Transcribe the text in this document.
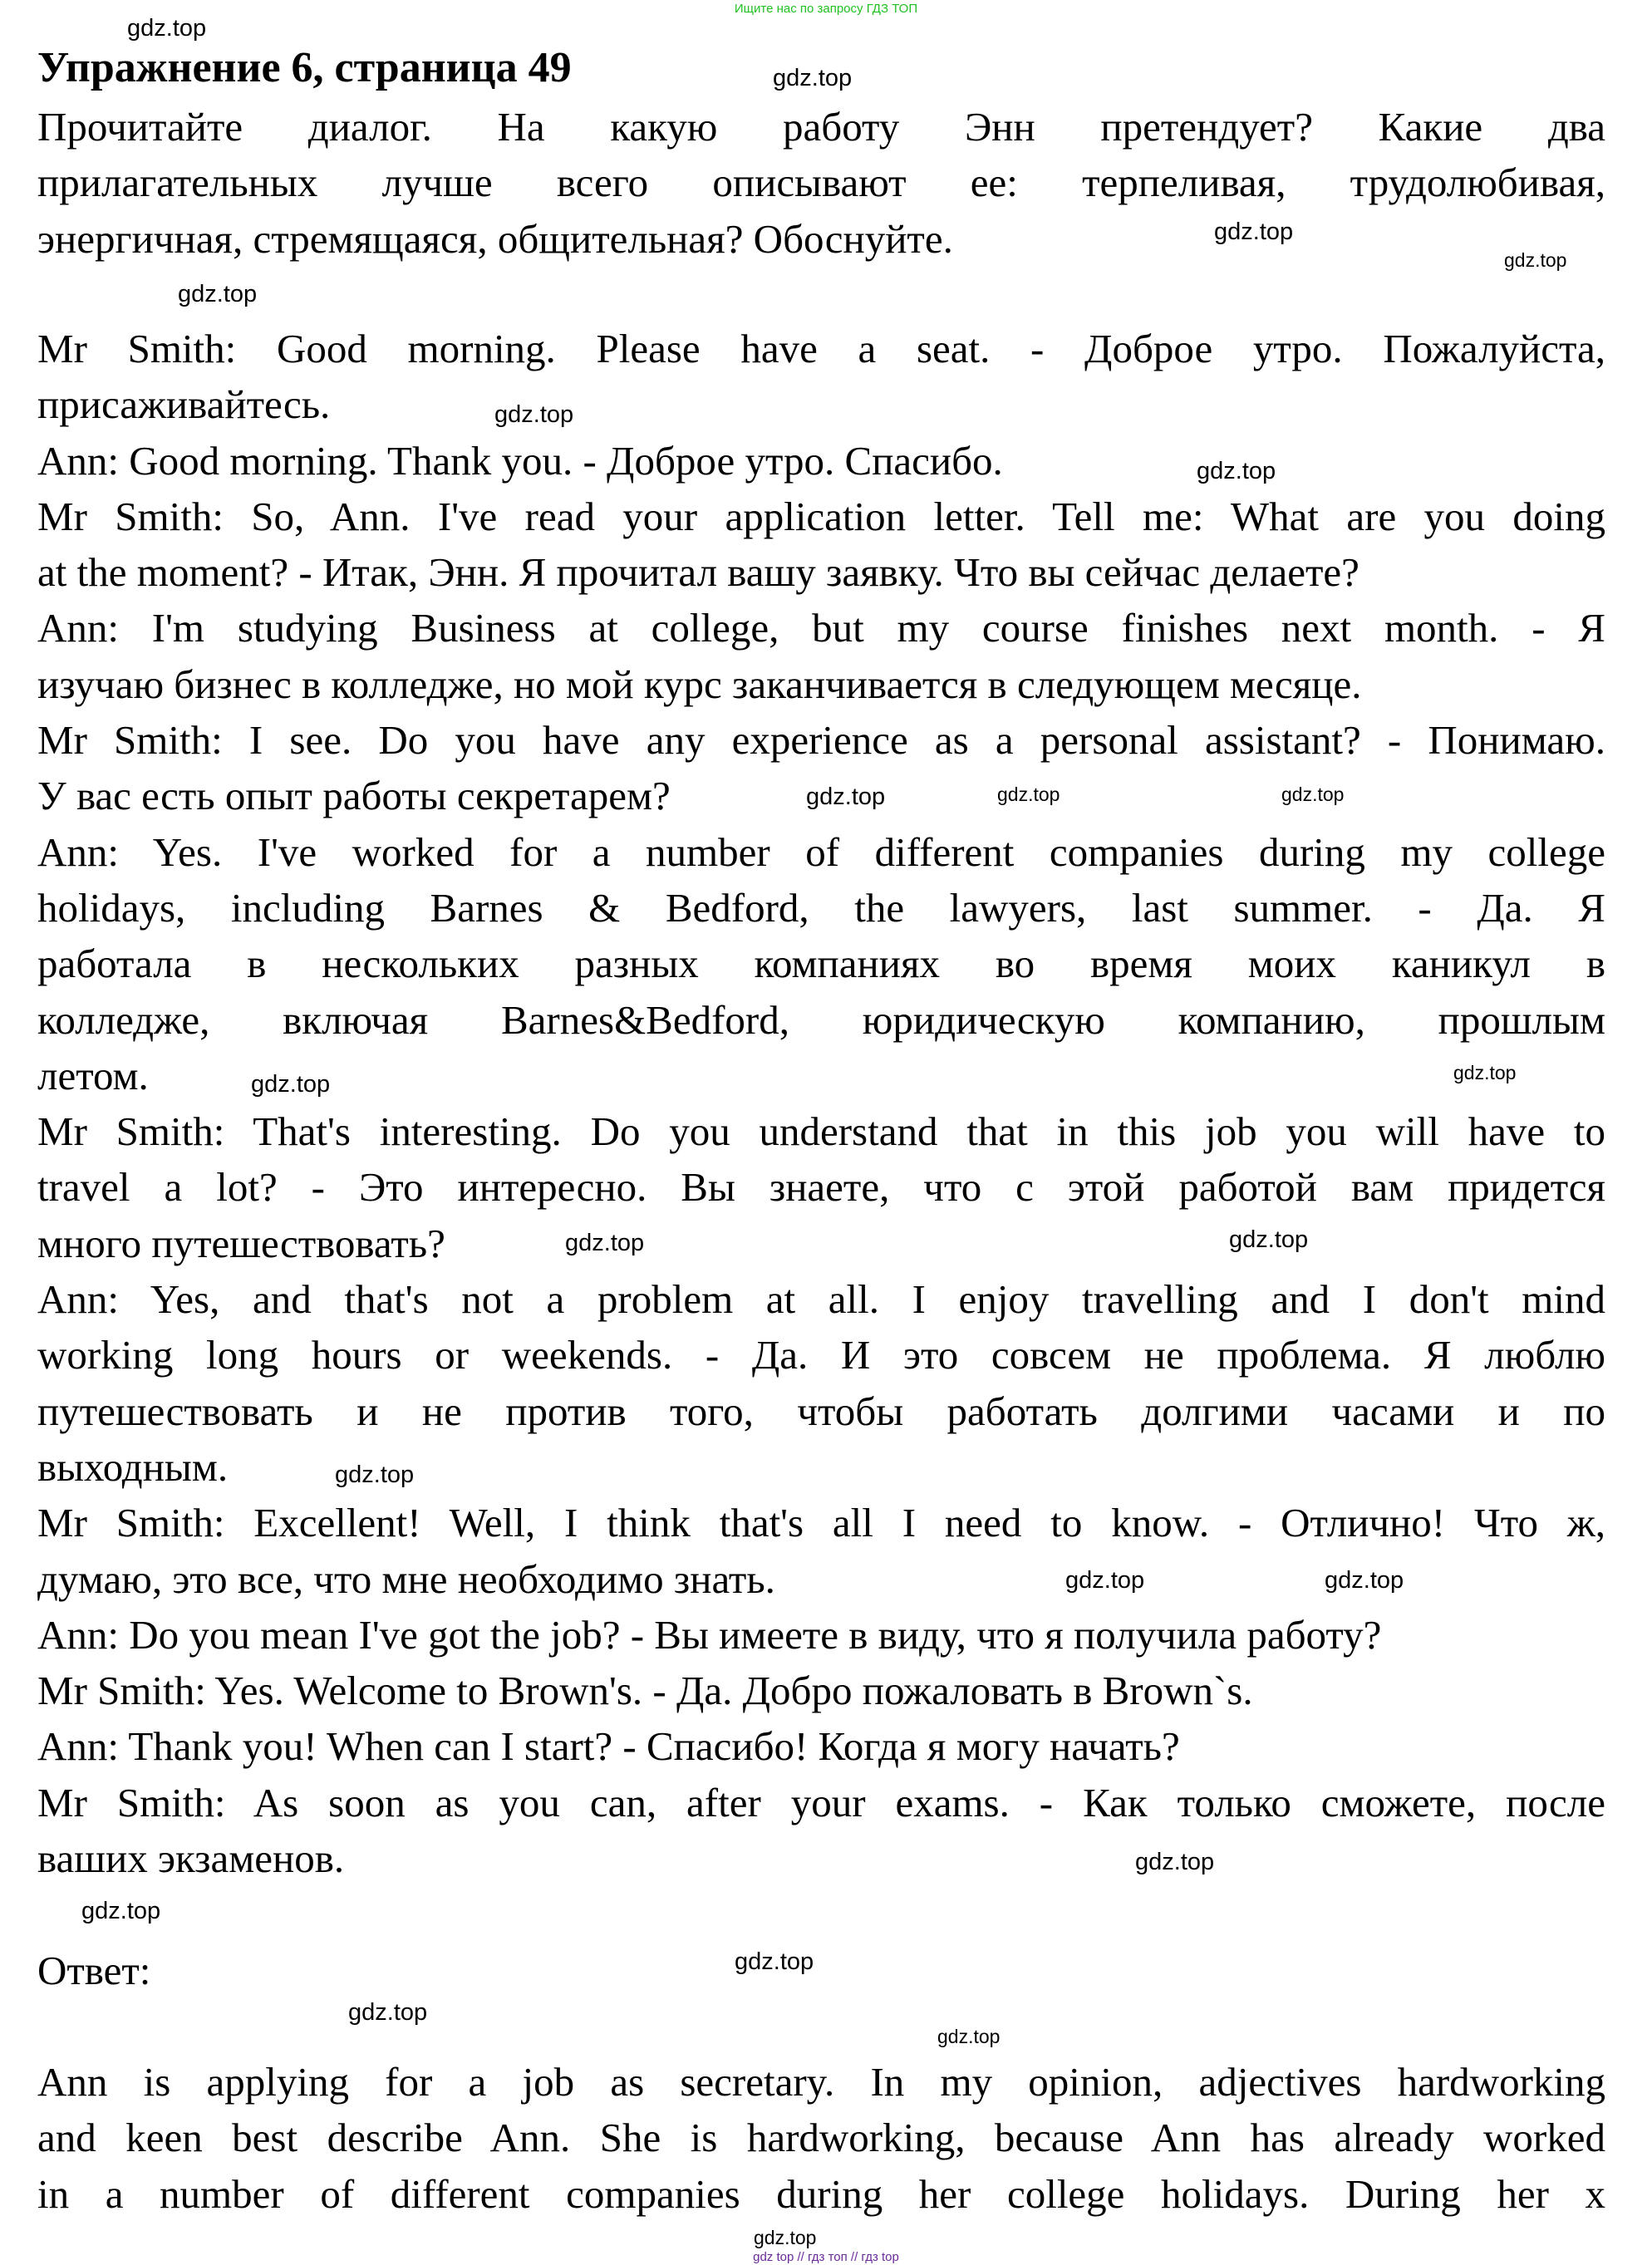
Ищите нас по запросу ГДЗ ТОП
Упражнение 6, страница 49
Прочитайте диалог. На какую работу Энн претендует? Какие два
прилагательных лучше всего описывают ее: терпеливая, трудолюбивая,
энергичная, стремящаяся, общительная? Обоснуйте.
Mr Smith: Good morning. Please have a seat. - Доброе утро. Пожалуйста,
присаживайтесь.
Ann: Good morning. Thank you. - Доброе утро. Спасибо.
Mr Smith: So, Ann. I've read your application letter. Tell me: What are you doing
at the moment? - Итак, Энн. Я прочитал вашу заявку. Что вы сейчас делаете?
Ann: I'm studying Business at college, but my course finishes next month. - Я
изучаю бизнес в колледже, но мой курс заканчивается в следующем месяце.
Mr Smith: I see. Do you have any experience as a personal assistant? - Понимаю.
У вас есть опыт работы секретарем?
Ann: Yes. I've worked for a number of different companies during my college
holidays, including Barnes & Bedford, the lawyers, last summer. - Да. Я
работала в нескольких разных компаниях во время моих каникул в
колледже, включая Barnes&Bedford, юридическую компанию, прошлым
летом.
Mr Smith: That's interesting. Do you understand that in this job you will have to
travel a lot? - Это интересно. Вы знаете, что с этой работой вам придется
много путешествовать?
Ann: Yes, and that's not a problem at all. I enjoy travelling and I don't mind
working long hours or weekends. - Да. И это совсем не проблема. Я люблю
путешествовать и не против того, чтобы работать долгими часами и по
выходным.
Mr Smith: Excellent! Well, I think that's all I need to know. - Отлично! Что ж,
думаю, это все, что мне необходимо знать.
Ann: Do you mean I've got the job? - Вы имеете в виду, что я получила работу?
Mr Smith: Yes. Welcome to Brown's. - Да. Добро пожаловать в Brown`s.
Ann: Thank you! When can I start? - Спасибо! Когда я могу начать?
Mr Smith: As soon as you can, after your exams. - Как только сможете, после
ваших экзаменов.
Ответ:
Ann is applying for a job as secretary. In my opinion, adjectives hardworking
and keen best describe Ann. She is hardworking, because Ann has already worked
in a number of different companies during her college holidays. During her x
gdz.top
gdz.top
gdz.top
gdz.top
gdz.top
gdz.top
gdz.top
gdz.top
gdz.top	gdz.top
gdz.top
gdz.top
gdz.top
gdz.top
gdz.top
gdz.top	gdz.top
gdz.top
gdz.top
gdz.top
gdz.top
gdz.top
gdz.top
gdz top // гдз топ // гдз top
